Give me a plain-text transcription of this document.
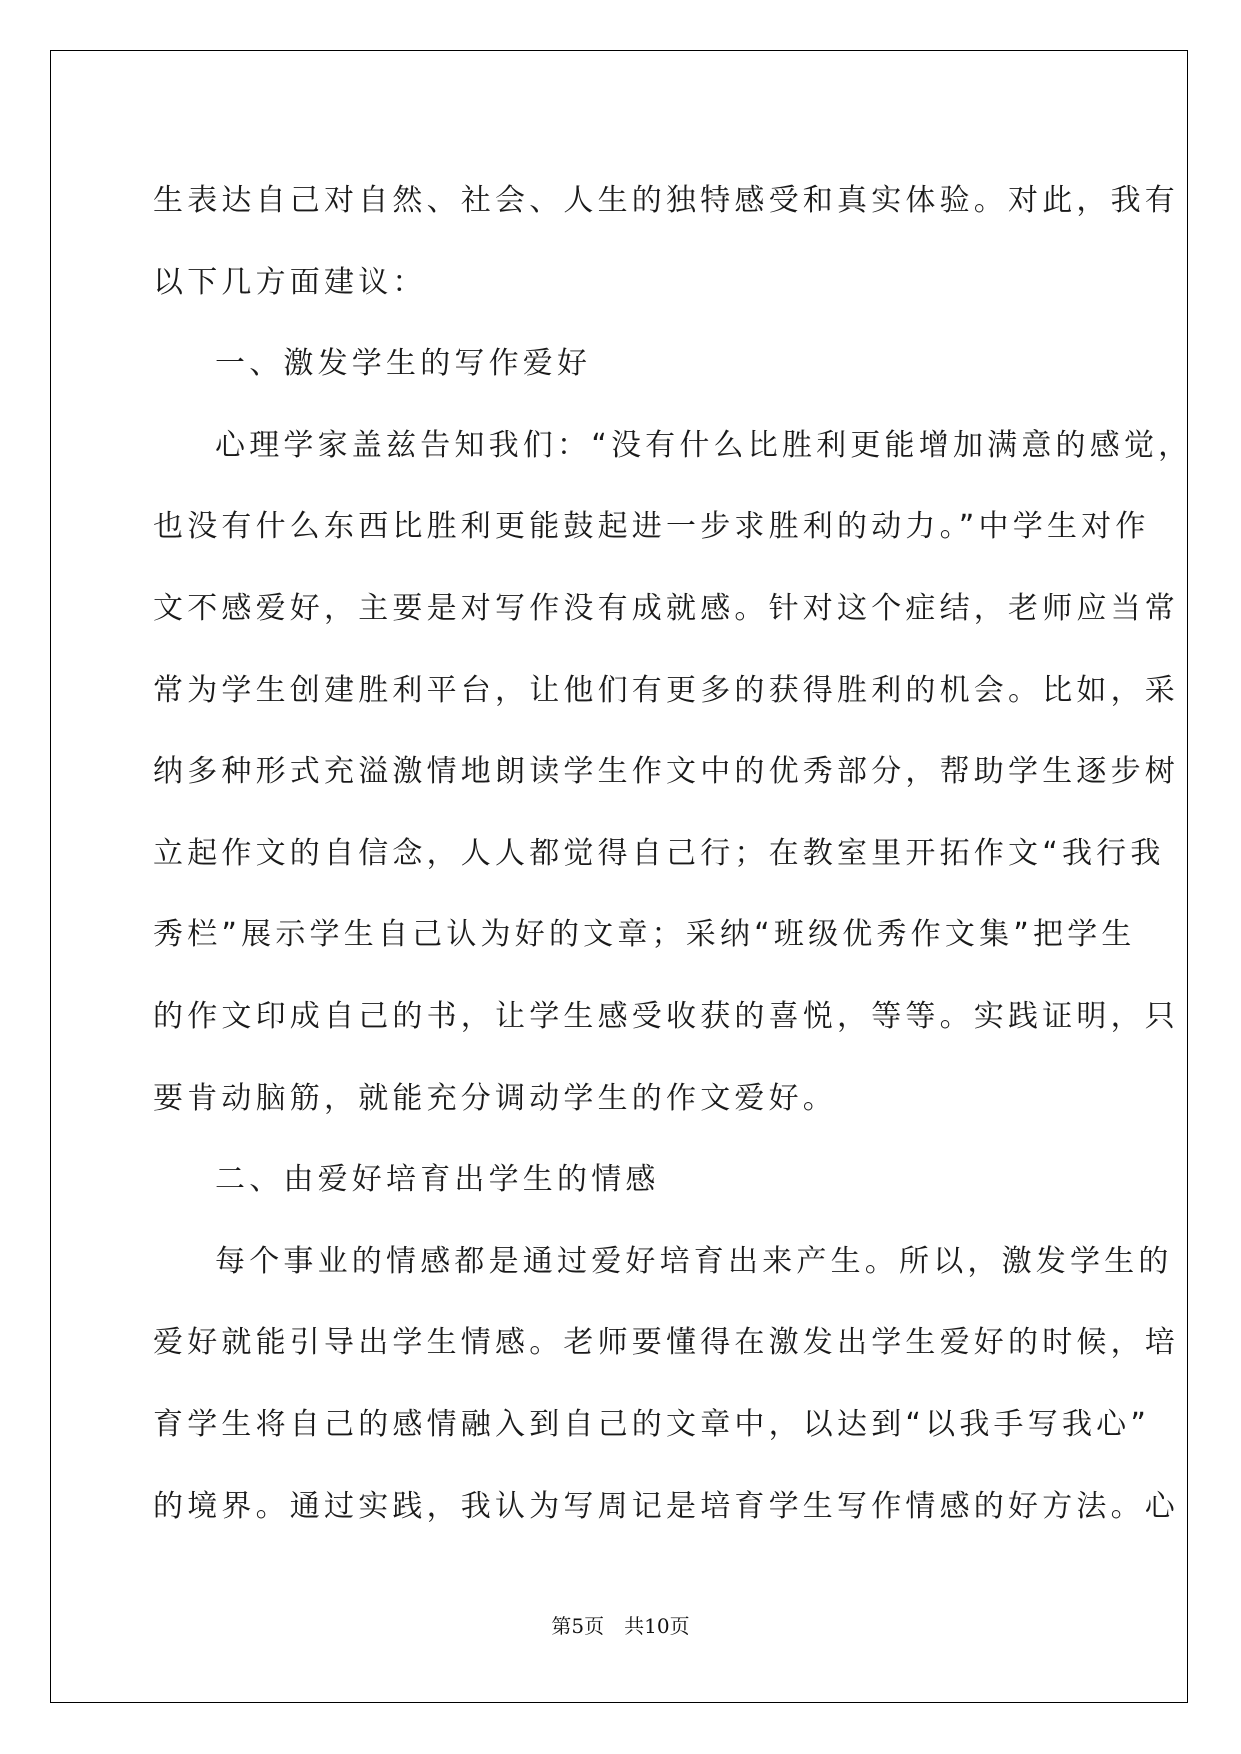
生表达自己对自然、社会、人生的独特感受和真实体验。对此，我有
以下几方面建议：
一、激发学生的写作爱好
心理学家盖兹告知我们：“没有什么比胜利更能增加满意的感觉，
也没有什么东西比胜利更能鼓起进一步求胜利的动力。”中学生对作
文不感爱好，主要是对写作没有成就感。针对这个症结，老师应当常
常为学生创建胜利平台，让他们有更多的获得胜利的机会。比如，采
纳多种形式充溢激情地朗读学生作文中的优秀部分，帮助学生逐步树
立起作文的自信念，人人都觉得自己行；在教室里开拓作文“我行我
秀栏”展示学生自己认为好的文章；采纳“班级优秀作文集”把学生
的作文印成自己的书，让学生感受收获的喜悦，等等。实践证明，只
要肯动脑筋，就能充分调动学生的作文爱好。
二、由爱好培育出学生的情感
每个事业的情感都是通过爱好培育出来产生。所以，激发学生的
爱好就能引导出学生情感。老师要懂得在激发出学生爱好的时候，培
育学生将自己的感情融入到自己的文章中，以达到“以我手写我心”
的境界。通过实践，我认为写周记是培育学生写作情感的好方法。心
第5页　共10页
